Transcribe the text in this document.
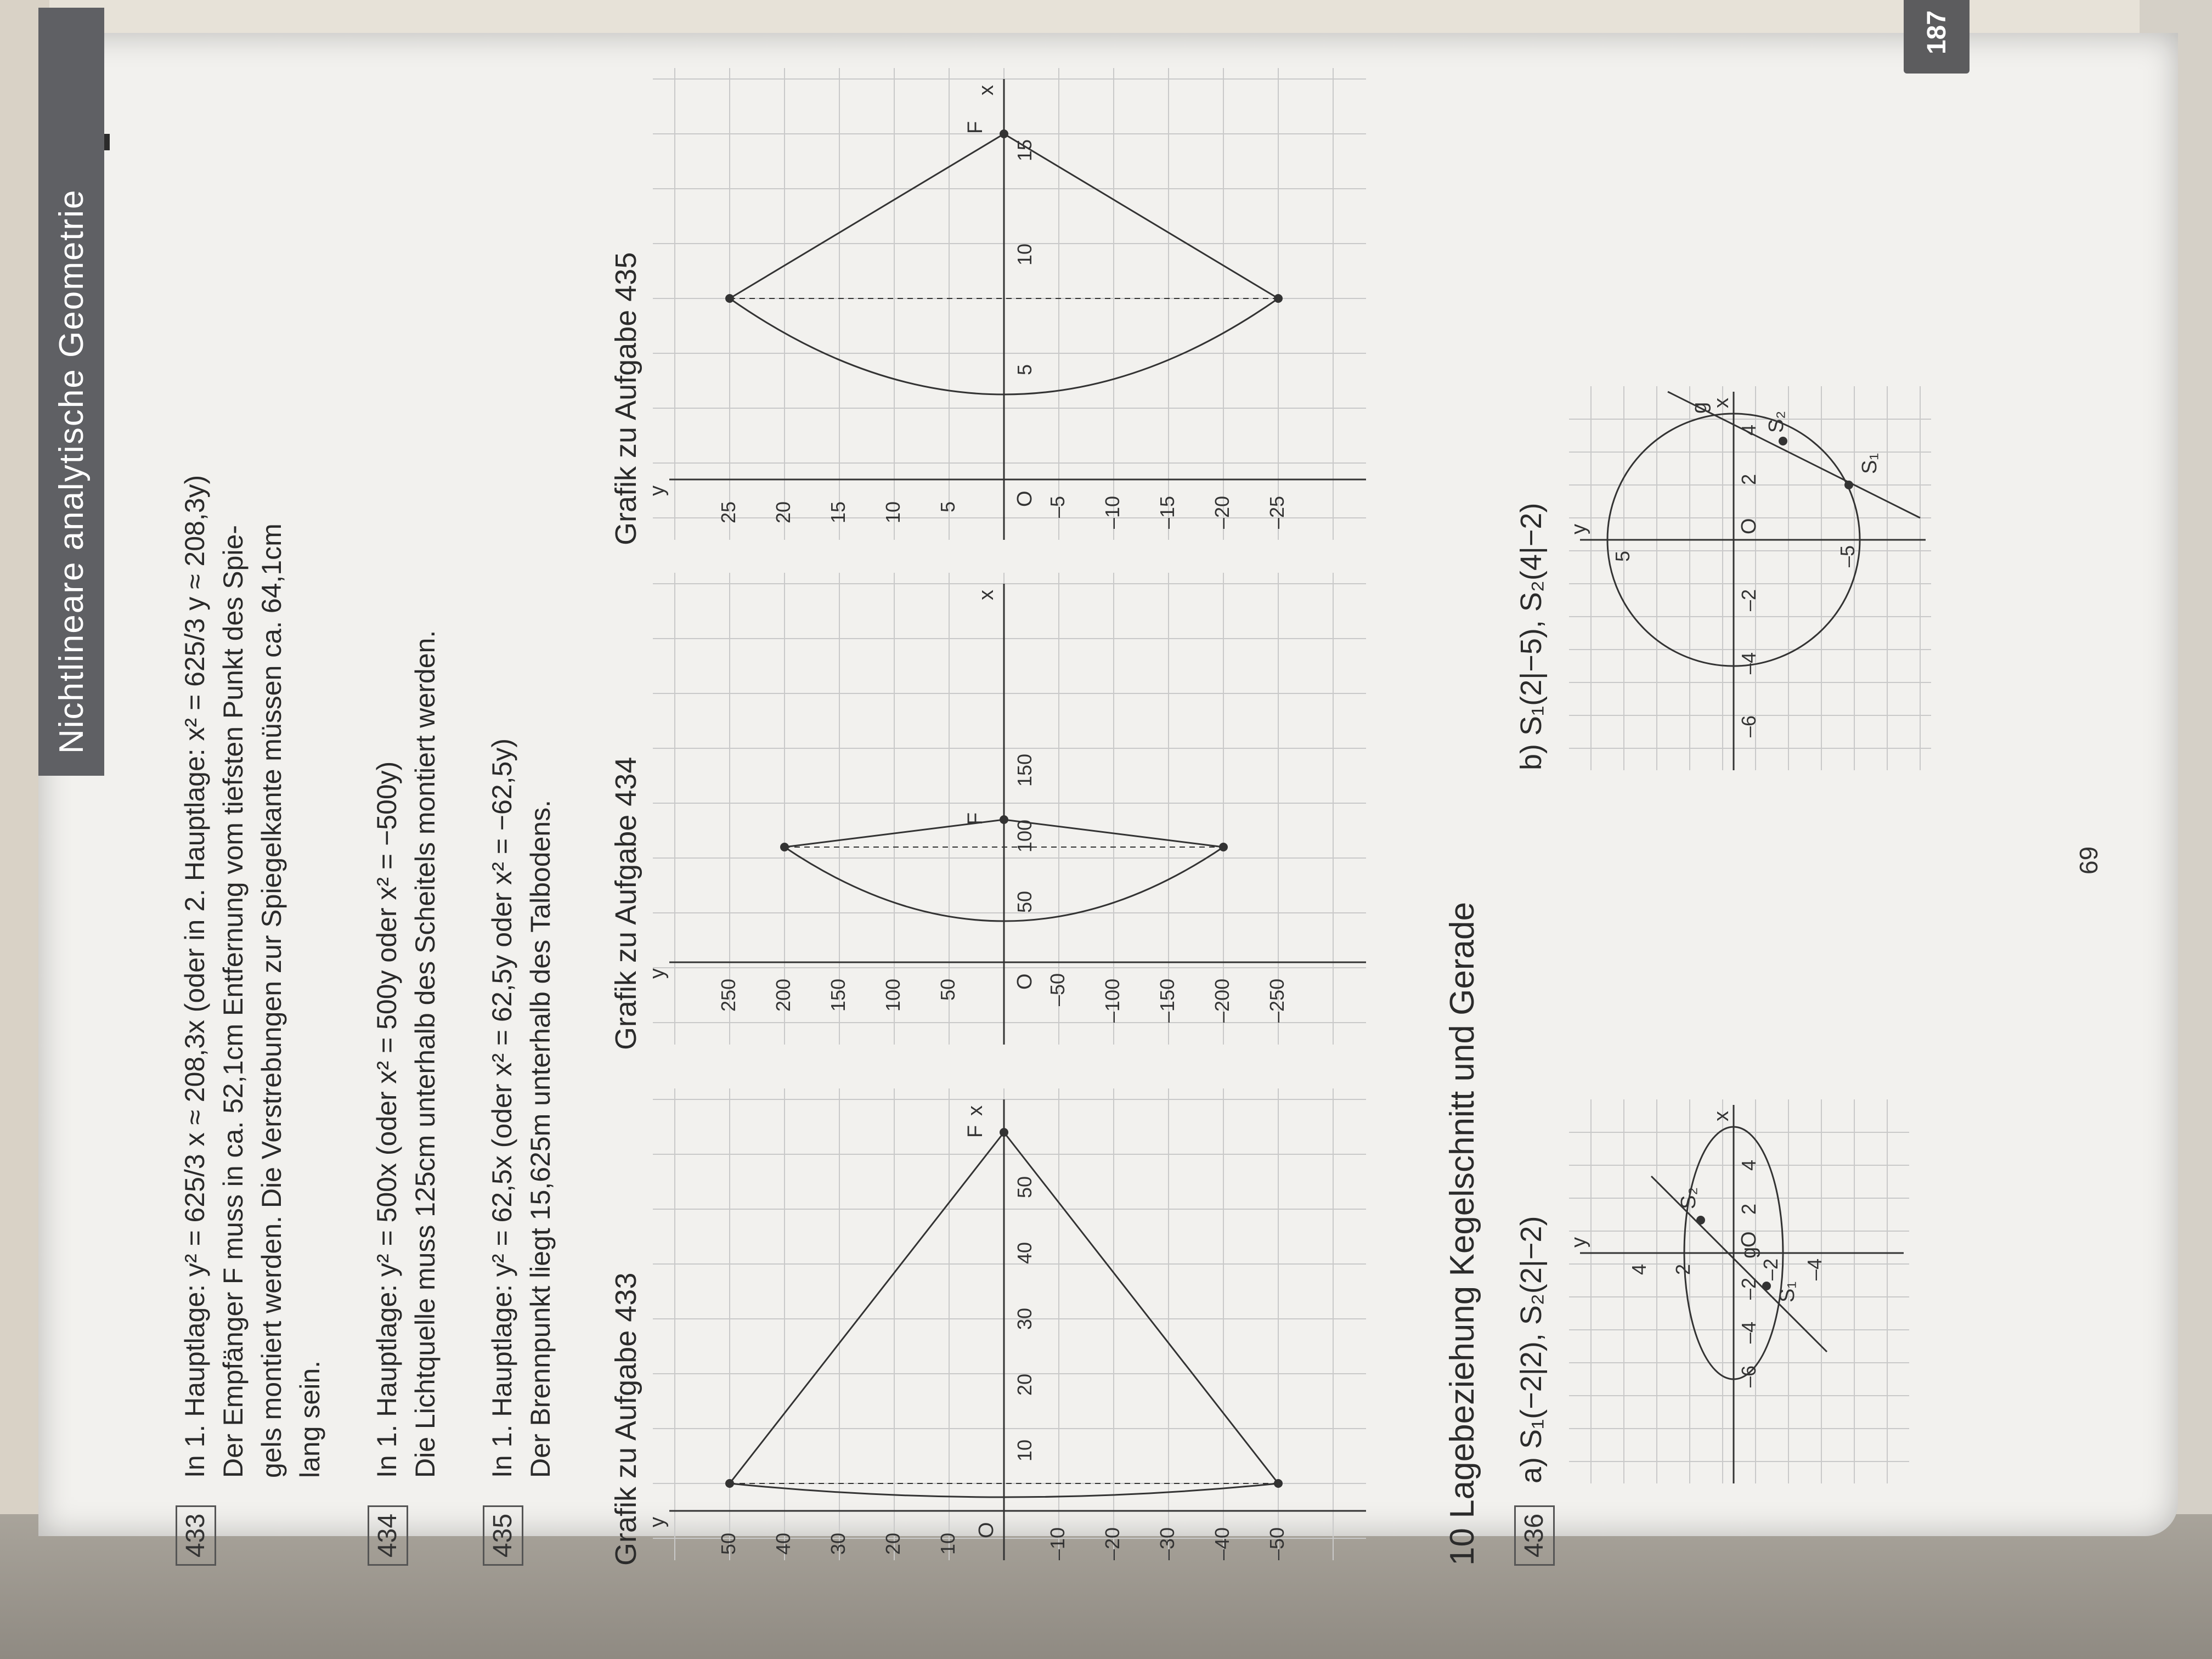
Nichtlineare analytische Geometrie
433

In 1. Hauptlage: y² = 625/3 x ≈ 208,3x (oder in 2. Hauptlage: x² = 625/3 y ≈ 208,3y) Der Empfänger F muss in ca. 52,1cm Entfernung vom tiefsten Punkt des Spie- gels montiert werden. Die Verstrebungen zur Spiegelkante müssen ca. 64,1cm lang sein.

434

In 1. Hauptlage: y² = 500x (oder x² = 500y oder x² = −500y) Die Lichtquelle muss 125cm unterhalb des Scheitels montiert werden.

435

In 1. Hauptlage: y² = 62,5x (oder x² = 62,5y oder x² = −62,5y) Der Brennpunkt liegt 15,625m unterhalb des Talbodens. Grafik zu Aufgabe 433
Grafik zu Aufgabe 434
Grafik zu Aufgabe 435
x
F
y	O
10
20
30
40
50
50 40 30 20 10	–10 –20 –30 –40 –50
x
F
y	O
50
100
150
250 200 150 100 50	–50 –100 –150 –200 –250
x
F
y	O
5
10
15
25 20 15 10 5	–5 –10 –15 –20 –25
10 Lagebeziehung Kegelschnitt und Gerade 436
a) S₁(−2|2), S₂(2|−2)
b) S₁(2|−5), S₂(4|−2)
S₁
S₂
g
x
y	O
–6
–4
–2
2
4
4 2	–2 –4
S₁
S₂
g
x
y	O
–6
–4
–2
2
4
5	–5
69
187
